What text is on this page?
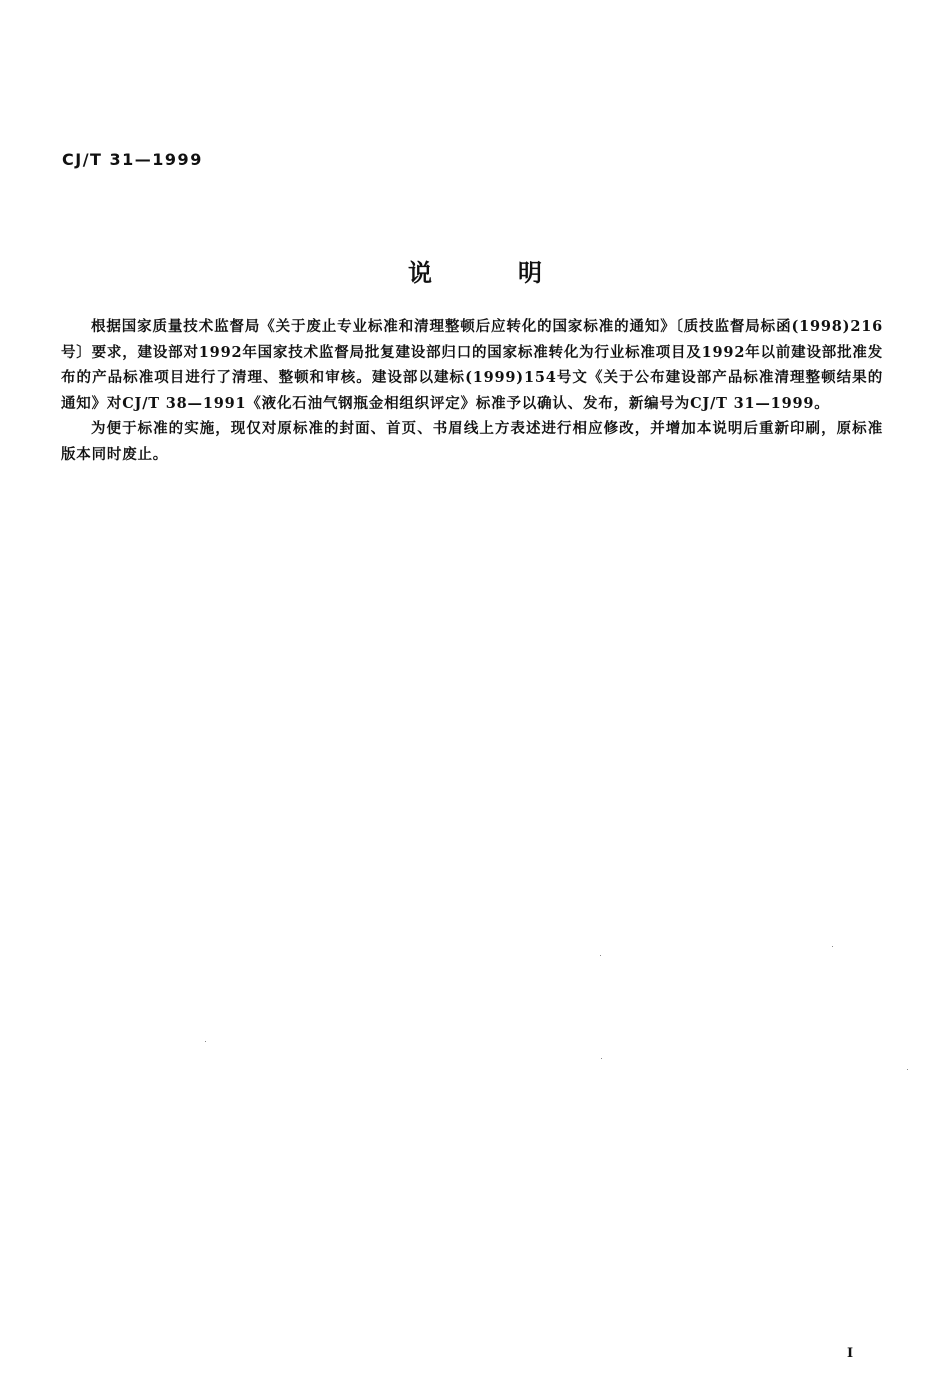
CJ/T 31—1999
说明

根据国家质量技术监督局《关于废止专业标准和清理整顿后应转化的国家标准的通知》〔质技监督局标函(1998)216号〕要求，建设部对1992年国家技术监督局批复建设部归口的国家标准转化为行业标准项目及1992年以前建设部批准发布的产品标准项目进行了清理、整顿和审核。建设部以建标(1999)154号文《关于公布建设部产品标准清理整顿结果的通知》对CJ/T 38—1991《液化石油气钢瓶金相组织评定》标准予以确认、发布，新编号为CJ/T 31—1999。

为便于标准的实施，现仅对原标准的封面、首页、书眉线上方表述进行相应修改，并增加本说明后重新印刷，原标准版本同时废止。

I
